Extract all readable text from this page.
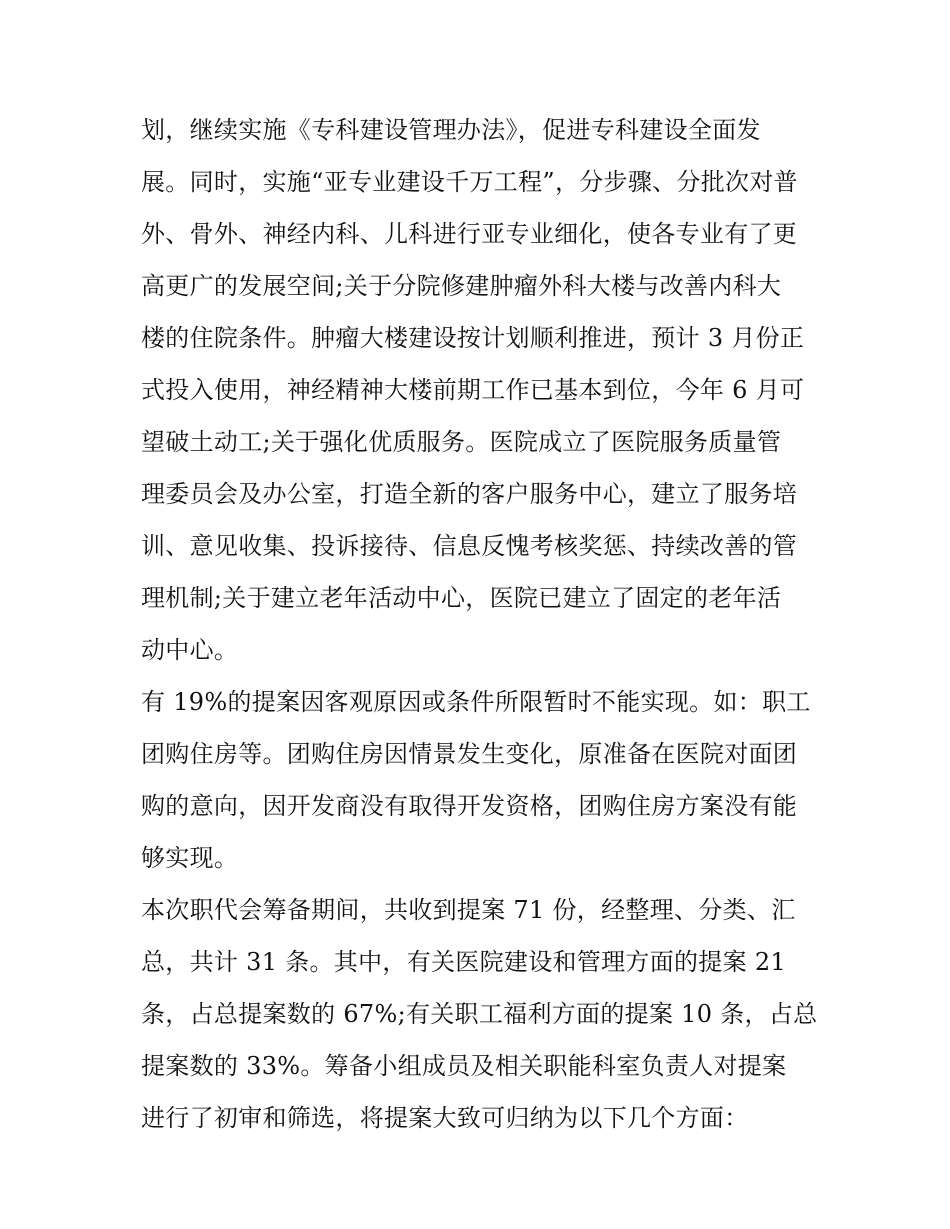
划，继续实施《专科建设管理办法》，促进专科建设全面发
展。同时，实施“亚专业建设千万工程”，分步骤、分批次对普
外、骨外、神经内科、儿科进行亚专业细化，使各专业有了更
高更广的发展空间;关于分院修建肿瘤外科大楼与改善内科大
楼的住院条件。肿瘤大楼建设按计划顺利推进，预计 3 月份正
式投入使用，神经精神大楼前期工作已基本到位，今年 6 月可
望破土动工;关于强化优质服务。医院成立了医院服务质量管
理委员会及办公室，打造全新的客户服务中心，建立了服务培
训、意见收集、投诉接待、信息反愧考核奖惩、持续改善的管
理机制;关于建立老年活动中心，医院已建立了固定的老年活
动中心。

有 19%的提案因客观原因或条件所限暂时不能实现。如：职工
团购住房等。团购住房因情景发生变化，原准备在医院对面团
购的意向，因开发商没有取得开发资格，团购住房方案没有能
够实现。

本次职代会筹备期间，共收到提案 71 份，经整理、分类、汇
总，共计 31 条。其中，有关医院建设和管理方面的提案 21
条，占总提案数的 67%;有关职工福利方面的提案 10 条，占总
提案数的 33%。筹备小组成员及相关职能科室负责人对提案
进行了初审和筛选，将提案大致可归纳为以下几个方面：
